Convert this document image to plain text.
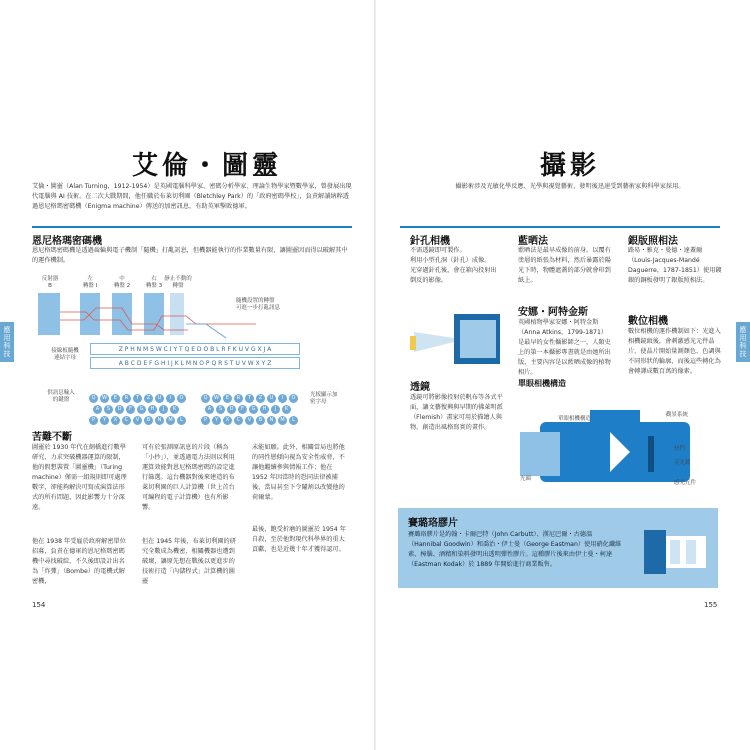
應用科技
艾倫・圖靈
艾倫・圖靈（Alan Turning，1912-1954）是英國電腦科學家、密碼分析學家、理論生物學家暨數學家，曾發展出現代電腦與 AI 技術。在二次大戰期間，他任職於布萊切利園（Bletchley Park）的「政府密碼學校」，負責解讀納粹透過恩尼格瑪密碼機（Enigma machine）傳送的加密訊息，有助英軍擊敗德軍。
恩尼格瑪密碼機
恩尼格瑪密碼機是透過齒輪與電子機制「隨機」打亂訊息，但機器能執行的作業數量有限，讓圖靈因而得以破解其中的運作機制。
反射器
B
左
轉盤 I
中
轉盤 2
右
轉盤 3
靜止不動的
轉盤
隨機設置的轉盤
可進一步打亂訊息
接線板隨機
連結字母
Z P H N M S W C I Y T Q E D O B L R F K U V G X J A
A B C D E F G H I J K L M N O P Q R S T U V W X Y Z
供訊息輸入
的鍵盤	Q W E R T Z U I O
A S D F G H J K
P Y X C V B N M L
Q W E R T Z U I O
A S D F G H J K
P Y X C V B N M L
光板顯示加
密字母
苦難不斷
圖靈於 1930 年代在劍橋進行數學研究，力求突破機器運算的限制，他的假想裝置「圖靈機」（Turing machine）僅需一組規則即可處理數字，卻能夠解決可寫成演算法形式的所有問題，因此影響力十分深遠。
他在 1938 年受雇於政府解密單位招募，負責在德軍的恩尼格瑪密碼機中尋找破綻，不久後即設計出名為「炸彈」（Bombe）的電機式解密機，
可有於張測原訊息的片段（稱為「小抄」），並透過電力法則以利用運算效能對恩尼格瑪密碼的設定進行篩選。這台機器對後來建造的布萊切利園的巨人計算機（世上首台可編程的電子計算機）也有所影響。
但在 1945 年後，布萊切利園的研究全數成為機密，相關機器也遭到破壞，讓原先想在戰後以更進步的技術打造「內儲程式」計算機的圖靈
未能如願。此外，相關當局也將他的同性戀傾向視為安全性威脅，不讓他繼續參與情報工作；他在 1952 年因當時的恐同法律被捕後，當局甚至下令閹割以改變他的荷爾蒙。
最後，飽受折磨的圖靈於 1954 年自殺，至於他對現代科學界的重大貢獻，也是近幾十年才獲得認可。
154
應用科技
攝影
攝影術涉及光敏化學反應、光學與視覺藝術，發明後迅速受到藝術家與科學家採用。
針孔相機
不需透鏡即可製作。
利用小型孔洞（針孔）成像。
光穿過針孔後，會在箱內投射出倒反的影像。
藍晒法
藍晒法是最早成像的前身。以覆有塗層的紙張為材料，然后暴露於陽光下時，物體遮蓋的部分就會印到紙上。
安娜・阿特金斯
英國植物學家安娜・阿特金斯（Anna Atkins，1799-1871）是最早的女性攝影師之一，人類史上的第一本攝影專書就是由她所出版，主要內容是以藍晒成像的植物相片。
銀版照相法
路易・雅克・曼德・達蓋爾（Louis-Jacques-Mandé Daguerre，1787-1851）使用鍍銀的銅板發明了銀版照相法。
數位相機
數位相機的運作機制如下：光進入相機鏡頭後，會刺激感光元件晶片，使晶片開始量測顏色、色調與不同形狀的輪廓，而後這些轉化為會轉譯成數百萬的像素。
透鏡
透鏡可將影像投射於帆布等各式平面，讓文藝復興與早期的佛萊明派（Flemish）畫家可用於描繪人與物，創造出風格寫實的畫作。
單眼相機構造
單眼相機構造
觀景系統
快門
反光鏡
光圈
感光元件
賽璐珞膠片
賽璐珞膠片是約翰・卡爾巴特（John Carbutt）、漢尼巴爾・古德溫（Hannibal Goodwin）和喬治・伊士曼（George Eastman）使用硝化纖維素、樟腦、酒精和染料發明出透明彈性膠片。這種膠片後來由伊士曼・柯達（Eastman Kodak）於 1889 年開始進行商業販售。
155
